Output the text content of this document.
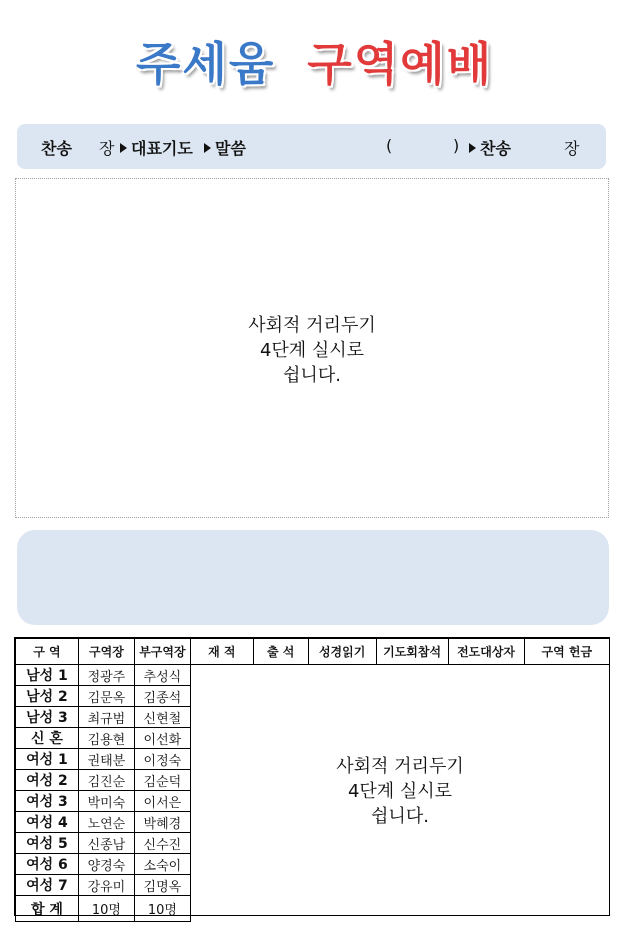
주세움 구역예배
찬송 장	대표기도	말씀	(	)	찬송	장
사회적 거리두기
4단계 실시로
쉽니다.
구 역	구역장	부구역장	재 적	출 석	성경읽기	기도회참석	전도대상자	구역 헌금
남성 1	정광주	추성식						
남성 2	김문옥	김종석						
남성 3	최규범	신현철						
신 혼	김용현	이선화						
여성 1	권태분	이정숙						
여성 2	김진순	김순덕						
여성 3	박미숙	이서은						
여성 4	노연순	박혜경						
여성 5	신종남	신수진						
여성 6	양경숙	소숙이						
여성 7	강유미	김명옥						
합 계	10명	10명						
사회적 거리두기
4단계 실시로
쉽니다.
